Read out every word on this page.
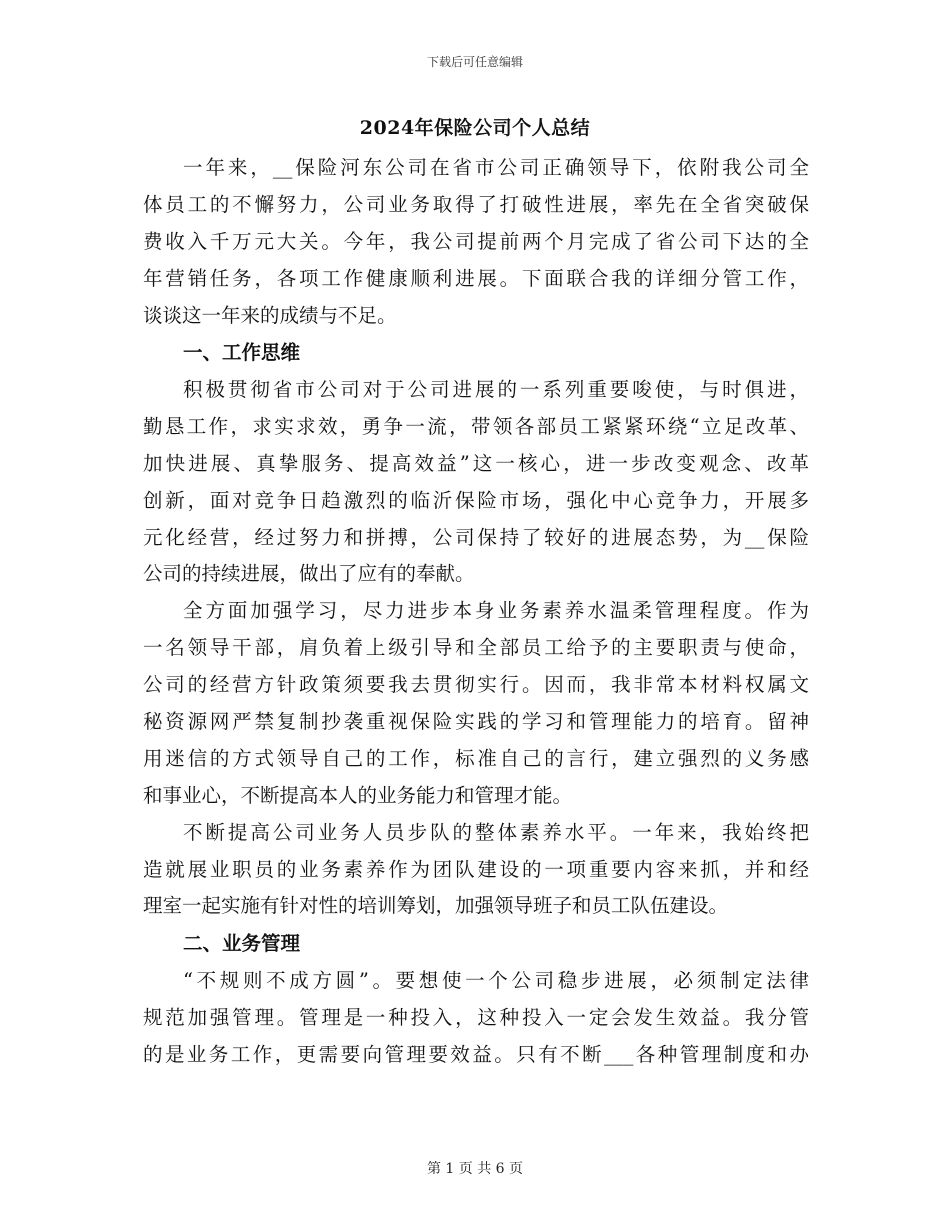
下载后可任意编辑
2024年保险公司个人总结
一年来，__保险河东公司在省市公司正确领导下，依附我公司全
体员工的不懈努力，公司业务取得了打破性进展，率先在全省突破保
费收入千万元大关。今年，我公司提前两个月完成了省公司下达的全
年营销任务，各项工作健康顺利进展。下面联合我的详细分管工作，
谈谈这一年来的成绩与不足。
一、工作思维
积极贯彻省市公司对于公司进展的一系列重要唆使，与时俱进，
勤恳工作，求实求效，勇争一流，带领各部员工紧紧环绕“立足改革、
加快进展、真挚服务、提高效益”这一核心，进一步改变观念、改革
创新，面对竞争日趋激烈的临沂保险市场，强化中心竞争力，开展多
元化经营，经过努力和拼搏，公司保持了较好的进展态势，为__保险
公司的持续进展，做出了应有的奉献。
全方面加强学习，尽力进步本身业务素养水温柔管理程度。作为
一名领导干部，肩负着上级引导和全部员工给予的主要职责与使命，
公司的经营方针政策须要我去贯彻实行。因而，我非常本材料权属文
秘资源网严禁复制抄袭重视保险实践的学习和管理能力的培育。留神
用迷信的方式领导自己的工作，标准自己的言行，建立强烈的义务感
和事业心，不断提高本人的业务能力和管理才能。
不断提高公司业务人员步队的整体素养水平。一年来，我始终把
造就展业职员的业务素养作为团队建设的一项重要内容来抓，并和经
理室一起实施有针对性的培训筹划，加强领导班子和员工队伍建设。
二、业务管理
“不规则不成方圆”。要想使一个公司稳步进展，必须制定法律
规范加强管理。管理是一种投入，这种投入一定会发生效益。我分管
的是业务工作，更需要向管理要效益。只有不断___各种管理制度和办
第 1 页 共 6 页
